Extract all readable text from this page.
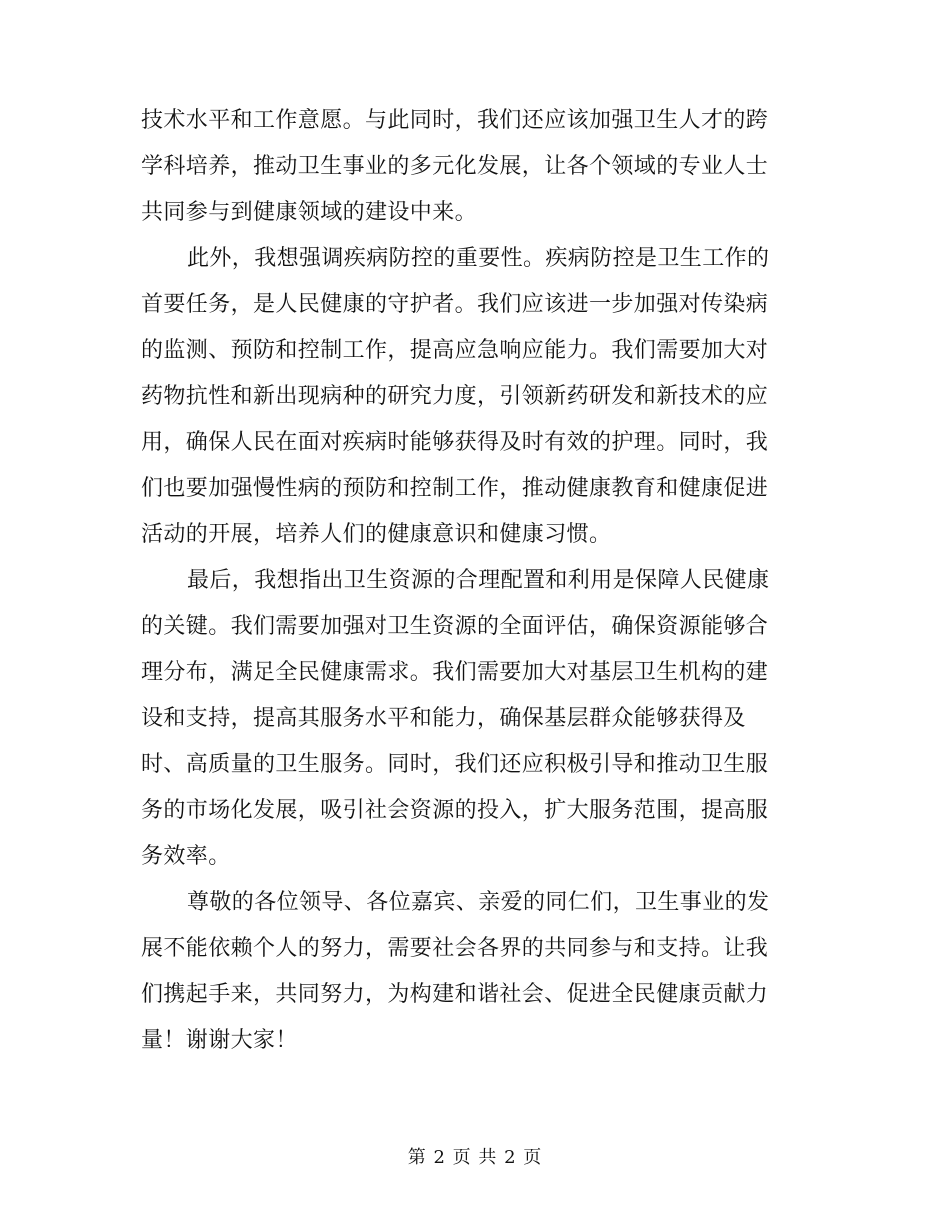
技术水平和工作意愿。与此同时，我们还应该加强卫生人才的跨
学科培养，推动卫生事业的多元化发展，让各个领域的专业人士
共同参与到健康领域的建设中来。
此外，我想强调疾病防控的重要性。疾病防控是卫生工作的
首要任务，是人民健康的守护者。我们应该进一步加强对传染病
的监测、预防和控制工作，提高应急响应能力。我们需要加大对
药物抗性和新出现病种的研究力度，引领新药研发和新技术的应
用，确保人民在面对疾病时能够获得及时有效的护理。同时，我
们也要加强慢性病的预防和控制工作，推动健康教育和健康促进
活动的开展，培养人们的健康意识和健康习惯。
最后，我想指出卫生资源的合理配置和利用是保障人民健康
的关键。我们需要加强对卫生资源的全面评估，确保资源能够合
理分布，满足全民健康需求。我们需要加大对基层卫生机构的建
设和支持，提高其服务水平和能力，确保基层群众能够获得及
时、高质量的卫生服务。同时，我们还应积极引导和推动卫生服
务的市场化发展，吸引社会资源的投入，扩大服务范围，提高服
务效率。
尊敬的各位领导、各位嘉宾、亲爱的同仁们，卫生事业的发
展不能依赖个人的努力，需要社会各界的共同参与和支持。让我
们携起手来，共同努力，为构建和谐社会、促进全民健康贡献力
量！谢谢大家！
第 2 页 共 2 页
